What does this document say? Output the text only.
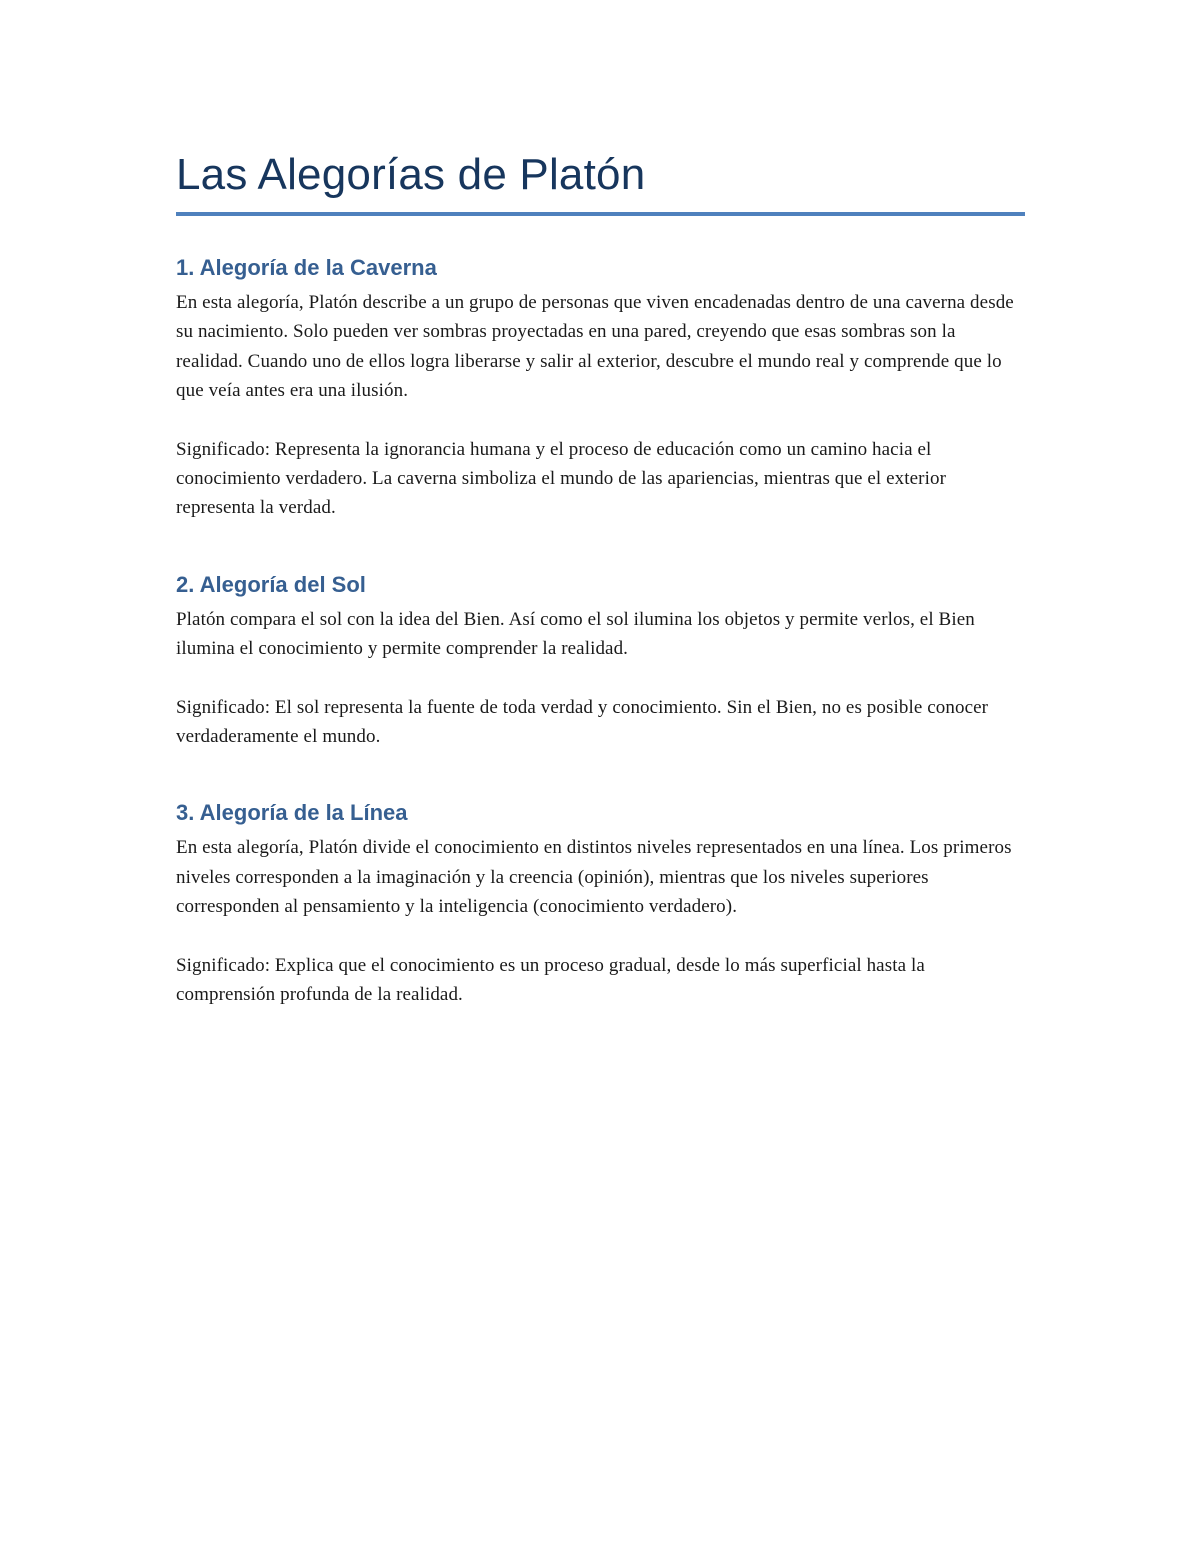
Las Alegorías de Platón
1. Alegoría de la Caverna

En esta alegoría, Platón describe a un grupo de personas que viven encadenadas dentro de una caverna desde su nacimiento. Solo pueden ver sombras proyectadas en una pared, creyendo que esas sombras son la realidad. Cuando uno de ellos logra liberarse y salir al exterior, descubre el mundo real y comprende que lo que veía antes era una ilusión.

Significado: Representa la ignorancia humana y el proceso de educación como un camino hacia el conocimiento verdadero. La caverna simboliza el mundo de las apariencias, mientras que el exterior representa la verdad.

2. Alegoría del Sol

Platón compara el sol con la idea del Bien. Así como el sol ilumina los objetos y permite verlos, el Bien ilumina el conocimiento y permite comprender la realidad.

Significado: El sol representa la fuente de toda verdad y conocimiento. Sin el Bien, no es posible conocer verdaderamente el mundo.

3. Alegoría de la Línea

En esta alegoría, Platón divide el conocimiento en distintos niveles representados en una línea. Los primeros niveles corresponden a la imaginación y la creencia (opinión), mientras que los niveles superiores corresponden al pensamiento y la inteligencia (conocimiento verdadero).

Significado: Explica que el conocimiento es un proceso gradual, desde lo más superficial hasta la comprensión profunda de la realidad.
